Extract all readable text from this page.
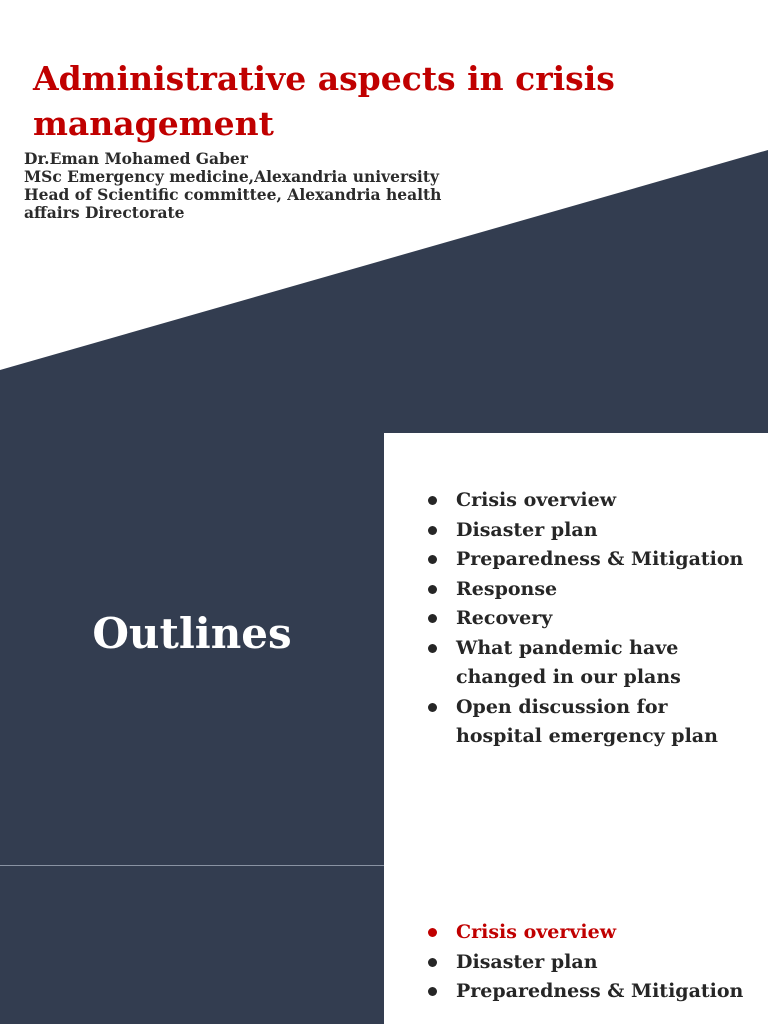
Administrative aspects in crisis management
Dr.Eman Mohamed Gaber
MSc Emergency medicine,Alexandria university
Head of Scientific committee, Alexandria health
affairs Directorate
Outlines
Crisis overview
Disaster plan
Preparedness & Mitigation
Response
Recovery
What pandemic have changed in our plans
Open discussion for hospital emergency plan
Crisis overview
Disaster plan
Preparedness & Mitigation
